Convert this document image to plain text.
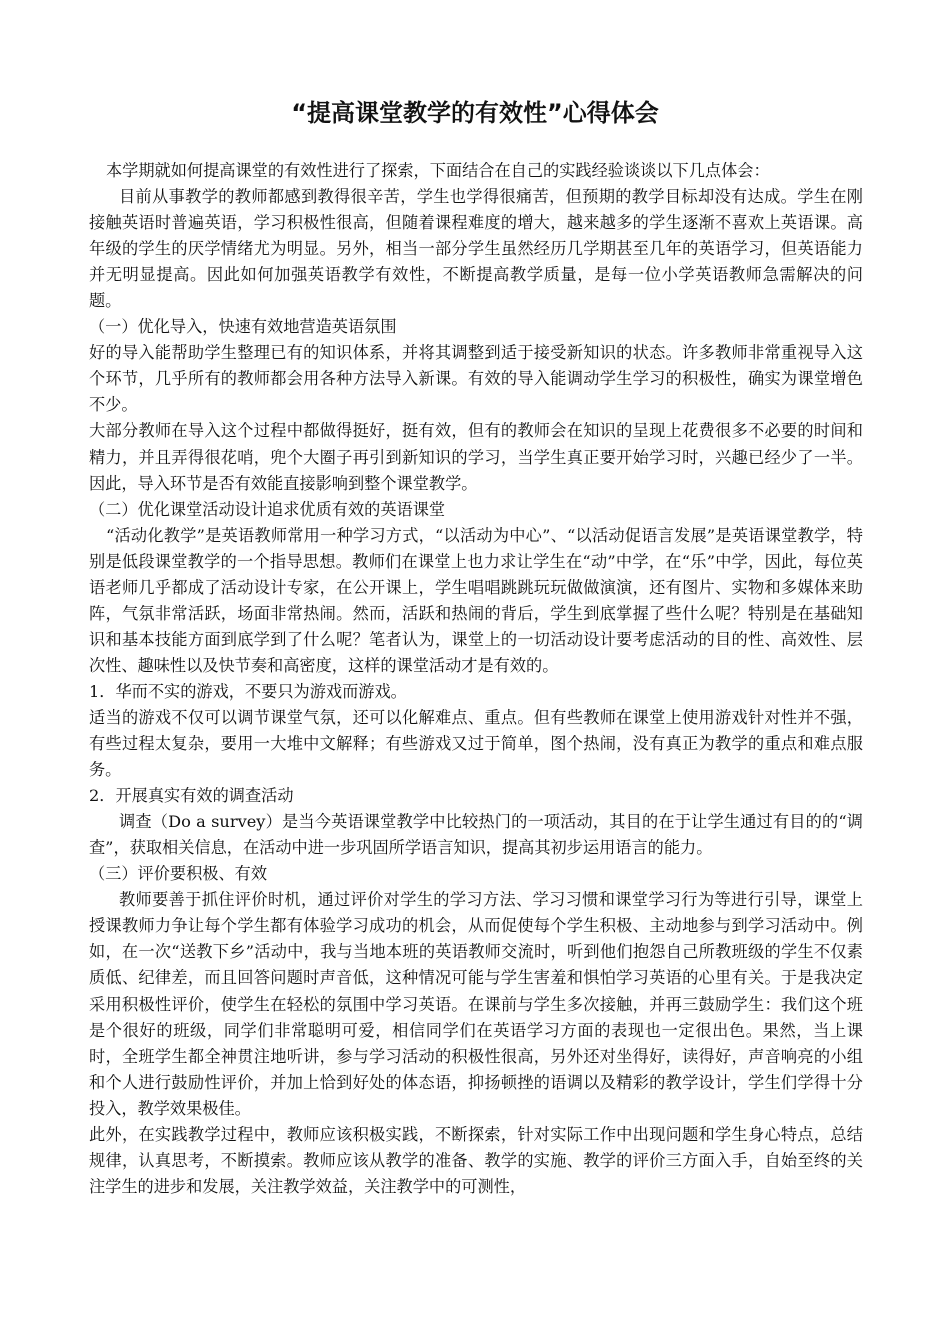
“提高课堂教学的有效性”心得体会

本学期就如何提高课堂的有效性进行了探索，下面结合在自己的实践经验谈谈以下几点体会：

目前从事教学的教师都感到教得很辛苦，学生也学得很痛苦，但预期的教学目标却没有达成。学生在刚接触英语时普遍英语，学习积极性很高，但随着课程难度的增大，越来越多的学生逐渐不喜欢上英语课。高年级的学生的厌学情绪尤为明显。另外，相当一部分学生虽然经历几学期甚至几年的英语学习，但英语能力并无明显提高。因此如何加强英语教学有效性，不断提高教学质量，是每一位小学英语教师急需解决的问题。

（一）优化导入，快速有效地营造英语氛围

好的导入能帮助学生整理已有的知识体系，并将其调整到适于接受新知识的状态。许多教师非常重视导入这个环节，几乎所有的教师都会用各种方法导入新课。有效的导入能调动学生学习的积极性，确实为课堂增色不少。

大部分教师在导入这个过程中都做得挺好，挺有效，但有的教师会在知识的呈现上花费很多不必要的时间和精力，并且弄得很花哨，兜个大圈子再引到新知识的学习，当学生真正要开始学习时，兴趣已经少了一半。因此，导入环节是否有效能直接影响到整个课堂教学。

（二）优化课堂活动设计追求优质有效的英语课堂

“活动化教学”是英语教师常用一种学习方式，“以活动为中心”、“以活动促语言发展”是英语课堂教学，特别是低段课堂教学的一个指导思想。教师们在课堂上也力求让学生在“动”中学，在“乐”中学，因此，每位英语老师几乎都成了活动设计专家，在公开课上，学生唱唱跳跳玩玩做做演演，还有图片、实物和多媒体来助阵，气氛非常活跃，场面非常热闹。然而，活跃和热闹的背后，学生到底掌握了些什么呢？特别是在基础知识和基本技能方面到底学到了什么呢？笔者认为，课堂上的一切活动设计要考虑活动的目的性、高效性、层次性、趣味性以及快节奏和高密度，这样的课堂活动才是有效的。

1．华而不实的游戏，不要只为游戏而游戏。

适当的游戏不仅可以调节课堂气氛，还可以化解难点、重点。但有些教师在课堂上使用游戏针对性并不强，有些过程太复杂，要用一大堆中文解释；有些游戏又过于简单，图个热闹，没有真正为教学的重点和难点服务。

2．开展真实有效的调查活动

调查（Do a survey）是当今英语课堂教学中比较热门的一项活动，其目的在于让学生通过有目的的“调查”，获取相关信息，在活动中进一步巩固所学语言知识，提高其初步运用语言的能力。

（三）评价要积极、有效

教师要善于抓住评价时机，通过评价对学生的学习方法、学习习惯和课堂学习行为等进行引导，课堂上授课教师力争让每个学生都有体验学习成功的机会，从而促使每个学生积极、主动地参与到学习活动中。例如，在一次“送教下乡”活动中，我与当地本班的英语教师交流时，听到他们抱怨自己所教班级的学生不仅素质低、纪律差，而且回答问题时声音低，这种情况可能与学生害羞和惧怕学习英语的心里有关。于是我决定采用积极性评价，使学生在轻松的氛围中学习英语。在课前与学生多次接触，并再三鼓励学生：我们这个班是个很好的班级，同学们非常聪明可爱，相信同学们在英语学习方面的表现也一定很出色。果然，当上课时，全班学生都全神贯注地听讲，参与学习活动的积极性很高，另外还对坐得好，读得好，声音响亮的小组和个人进行鼓励性评价，并加上恰到好处的体态语，抑扬顿挫的语调以及精彩的教学设计，学生们学得十分投入，教学效果极佳。

此外，在实践教学过程中，教师应该积极实践，不断探索，针对实际工作中出现问题和学生身心特点，总结规律，认真思考，不断摸索。教师应该从教学的准备、教学的实施、教学的评价三方面入手，自始至终的关注学生的进步和发展，关注教学效益，关注教学中的可测性，
